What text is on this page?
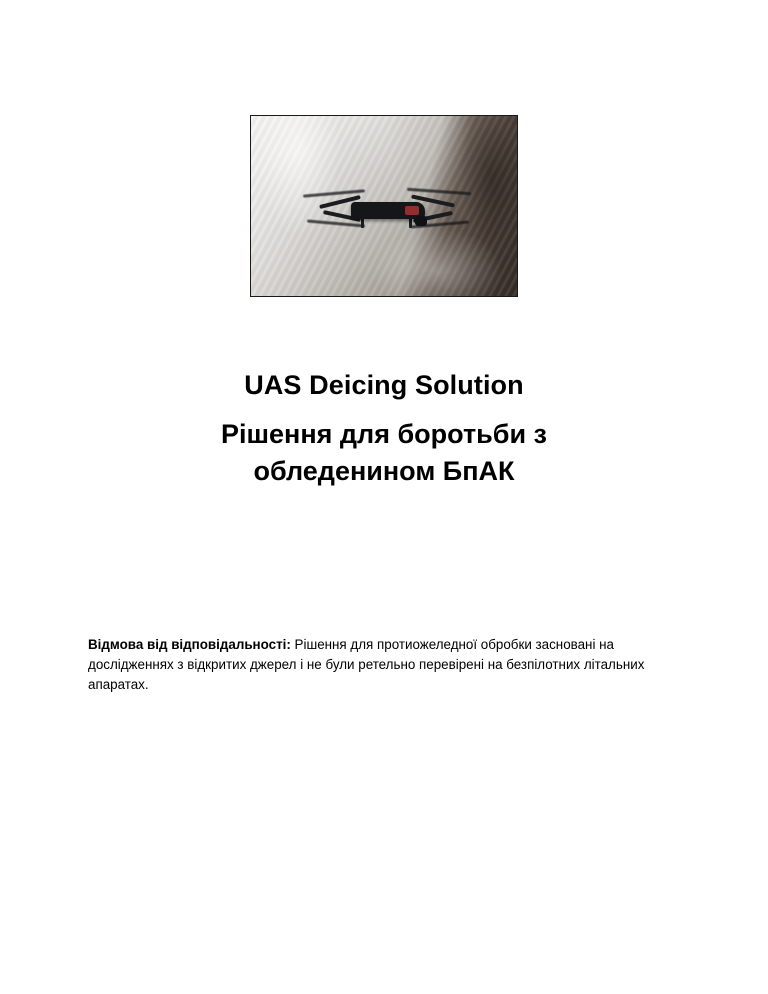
UAS Deicing Solution
Рішення для боротьби з
обледенином БпАК

Відмова від відповідальності: Рішення для протиожеледної обробки засновані на дослідженнях з відкритих джерел і не були ретельно перевірені на безпілотних літальних апаратах.
